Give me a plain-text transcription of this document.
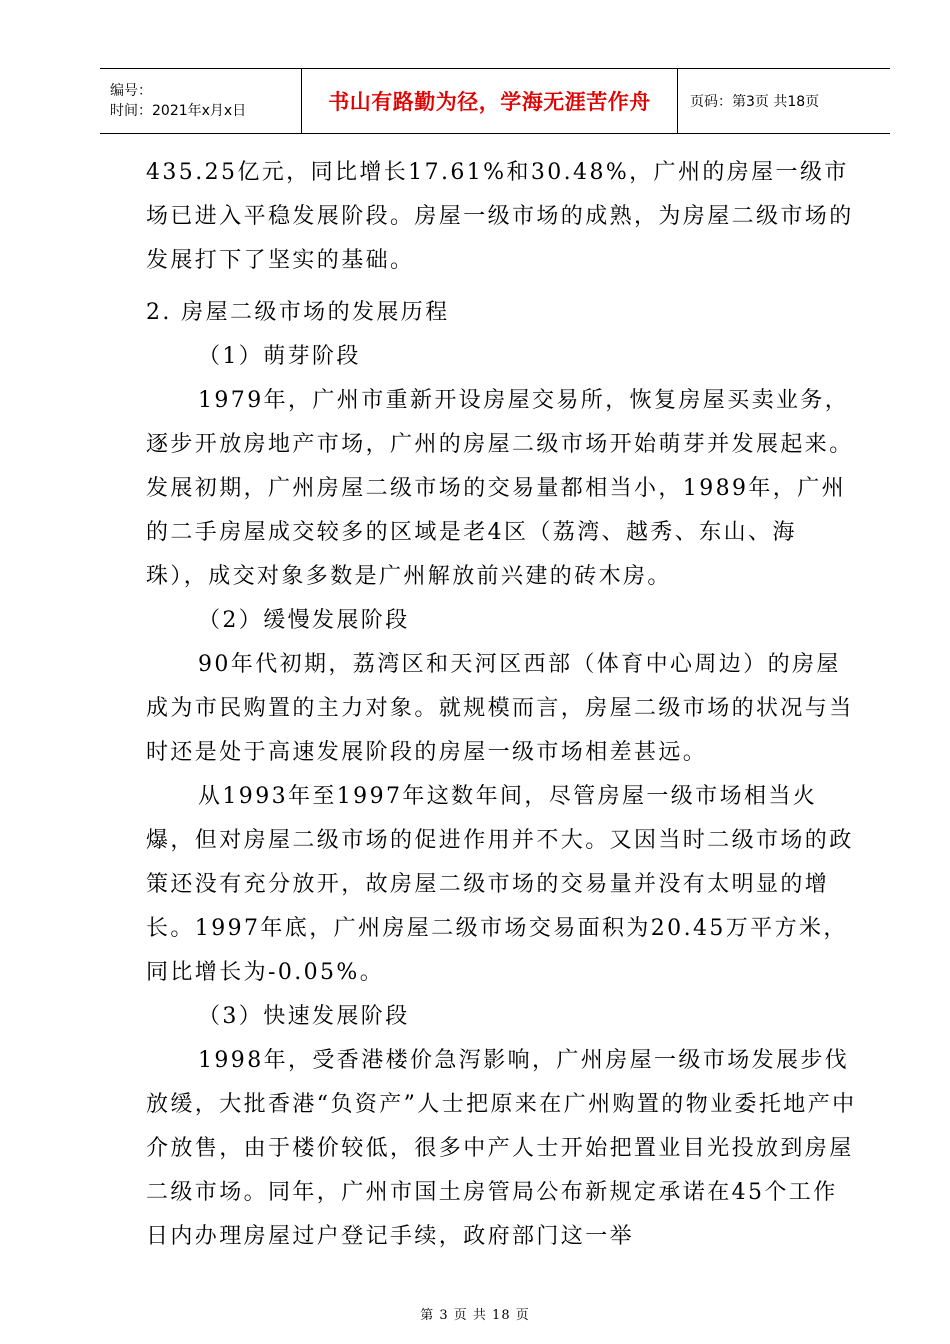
编号：
时间：2021年x月x日	书山有路勤为径，学海无涯苦作舟	页码：第3页 共18页

435.25亿元，同比增长17.61%和30.48%，广州的房屋一级市场已进入平稳发展阶段。房屋一级市场的成熟，为房屋二级市场的发展打下了坚实的基础。

2. 房屋二级市场的发展历程

（1）萌芽阶段

1979年，广州市重新开设房屋交易所，恢复房屋买卖业务，逐步开放房地产市场，广州的房屋二级市场开始萌芽并发展起来。发展初期，广州房屋二级市场的交易量都相当小，1989年，广州的二手房屋成交较多的区域是老4区（荔湾、越秀、东山、海珠），成交对象多数是广州解放前兴建的砖木房。

（2）缓慢发展阶段

90年代初期，荔湾区和天河区西部（体育中心周边）的房屋成为市民购置的主力对象。就规模而言，房屋二级市场的状况与当时还是处于高速发展阶段的房屋一级市场相差甚远。

从1993年至1997年这数年间，尽管房屋一级市场相当火爆，但对房屋二级市场的促进作用并不大。又因当时二级市场的政策还没有充分放开，故房屋二级市场的交易量并没有太明显的增长。1997年底，广州房屋二级市场交易面积为20.45万平方米，同比增长为-0.05%。

（3）快速发展阶段

1998年，受香港楼价急泻影响，广州房屋一级市场发展步伐放缓，大批香港“负资产”人士把原来在广州购置的物业委托地产中介放售，由于楼价较低，很多中产人士开始把置业目光投放到房屋二级市场。同年，广州市国土房管局公布新规定承诺在45个工作日内办理房屋过户登记手续，政府部门这一举

第 3 页 共 18 页
